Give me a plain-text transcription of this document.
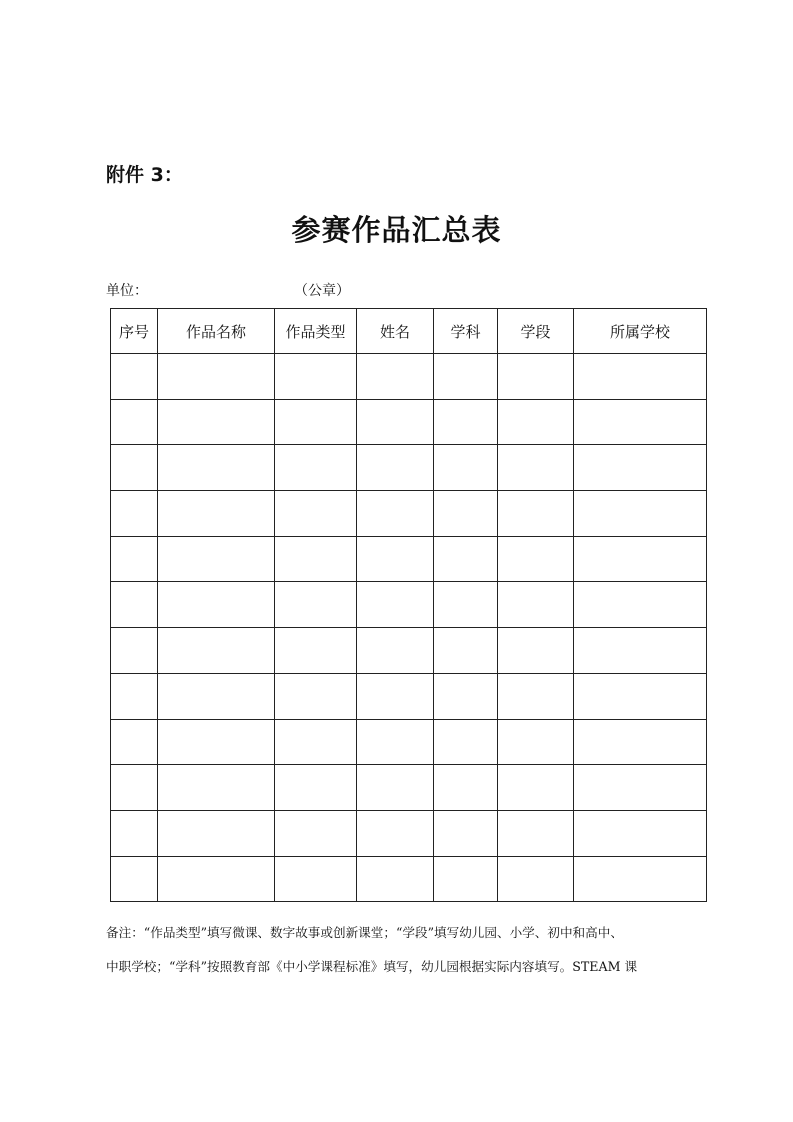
附件 3：
参赛作品汇总表
单位：	（公章）
序号	作品名称	作品类型	姓名	学科	学段	所属学校

备注：“作品类型”填写微课、数字故事或创新课堂；“学段”填写幼儿园、小学、初中和高中、

中职学校；“学科”按照教育部《中小学课程标准》填写，幼儿园根据实际内容填写。STEAM 课
